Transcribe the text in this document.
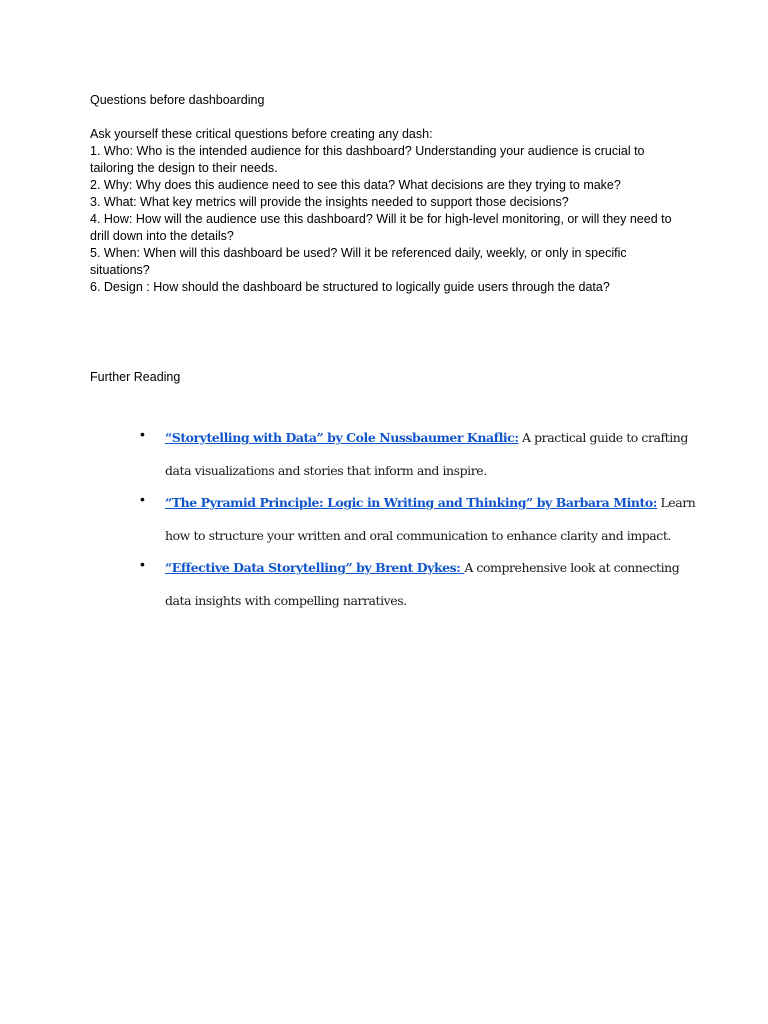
Questions before dashboarding
Ask yourself these critical questions before creating any dash:
1. Who: Who is the intended audience for this dashboard? Understanding your audience is crucial to
tailoring the design to their needs.
2. Why: Why does this audience need to see this data? What decisions are they trying to make?
3. What: What key metrics will provide the insights needed to support those decisions?
4. How: How will the audience use this dashboard? Will it be for high-level monitoring, or will they need to
drill down into the details?
5. When: When will this dashboard be used? Will it be referenced daily, weekly, or only in specific
situations?
6. Design : How should the dashboard be structured to logically guide users through the data?
Further Reading
• “Storytelling with Data” by Cole Nussbaumer Knaflic: A practical guide to crafting data visualizations and stories that inform and inspire.
• “The Pyramid Principle: Logic in Writing and Thinking” by Barbara Minto: Learn how to structure your written and oral communication to enhance clarity and impact.
• “Effective Data Storytelling” by Brent Dykes: A comprehensive look at connecting data insights with compelling narratives.
